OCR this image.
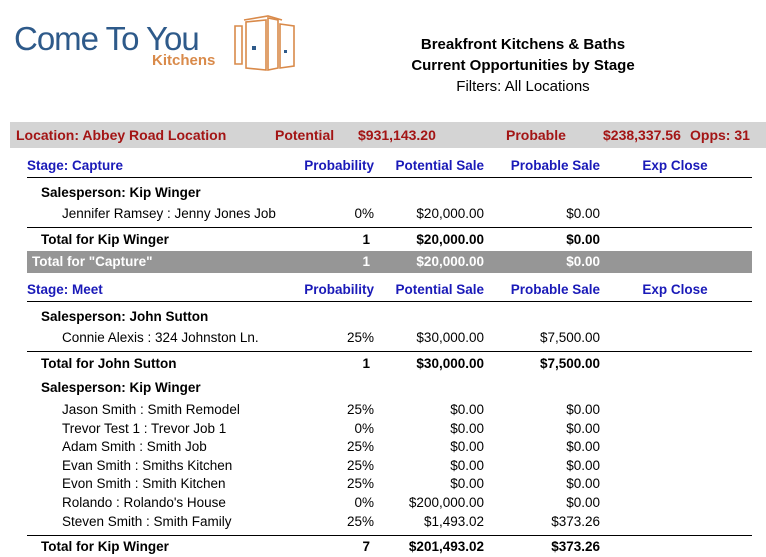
Come To You
Kitchens
Breakfront Kitchens & Baths
Current Opportunities by Stage
Filters: All Locations
Location: Abbey Road Location	Potential $931,143.20	Probable	$238,337.56 Opps: 31
Stage: Capture	Probability	Potential Sale	Probable Sale	Exp Close
Salesperson: Kip Winger
Jennifer Ramsey : Jenny Jones Job	0%	$20,000.00	$0.00
Total for Kip Winger	1	$20,000.00	$0.00
Total for "Capture"	1	$20,000.00	$0.00
Stage: Meet	Probability	Potential Sale	Probable Sale	Exp Close
Salesperson: John Sutton
Connie Alexis : 324 Johnston Ln.	25%	$30,000.00	$7,500.00
Total for John Sutton	1	$30,000.00	$7,500.00
Salesperson: Kip Winger
Jason Smith : Smith Remodel	25%	$0.00	$0.00
Trevor Test 1 : Trevor Job 1	0%	$0.00	$0.00
Adam Smith : Smith Job	25%	$0.00	$0.00
Evan Smith : Smiths Kitchen	25%	$0.00	$0.00
Evon Smith : Smith Kitchen	25%	$0.00	$0.00
Rolando : Rolando's House	0%	$200,000.00	$0.00
Steven Smith : Smith Family	25%	$1,493.02	$373.26
Total for Kip Winger	7	$201,493.02	$373.26
